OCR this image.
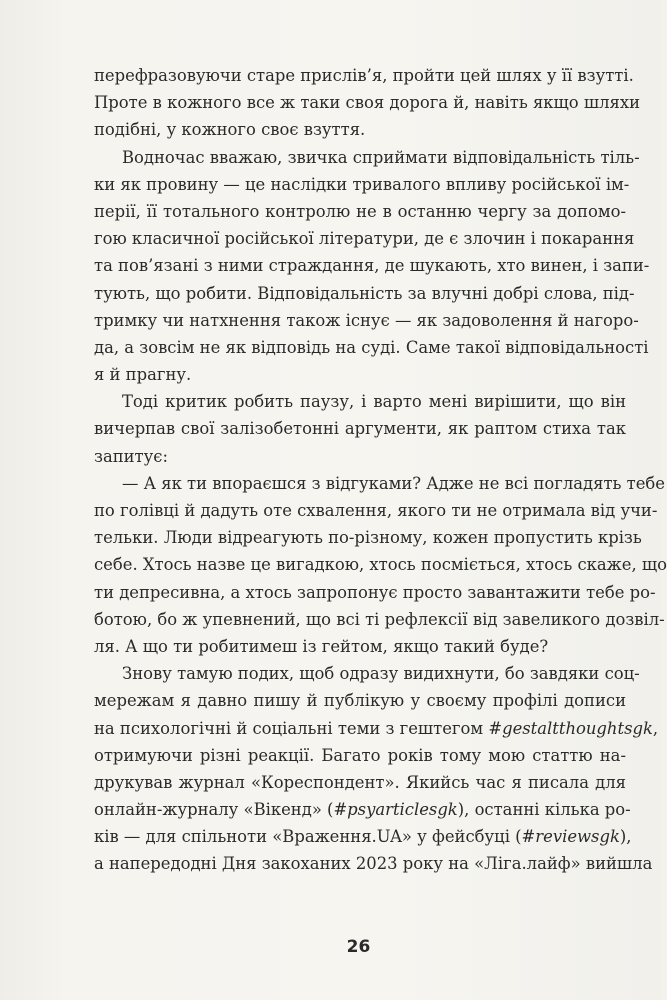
перефразовуючи старе прислів’я, пройти цей шлях у її взутті.
Проте в кожного все ж таки своя дорога й, навіть якщо шляхи
подібні, у кожного своє взуття.
Водночас вважаю, звичка сприймати відповідальність тіль-
ки як провину — це наслідки тривалого впливу російської ім-
перії, її тотального контролю не в останню чергу за допомо-
гою класичної російської літератури, де є злочин і покарання
та пов’язані з ними страждання, де шукають, хто винен, і запи-
тують, що робити. Відповідальність за влучні добрі слова, під-
тримку чи натхнення також існує — як задоволення й нагоро-
да, а зовсім не як відповідь на суді. Саме такої відповідальності
я й прагну.
Тоді критик робить паузу, і варто мені вирішити, що він
вичерпав свої залізобетонні аргументи, як раптом стиха так
запитує:
— А як ти впораєшся з відгуками? Адже не всі погладять тебе
по голівці й дадуть оте схвалення, якого ти не отримала від учи-
тельки. Люди відреагують по-різному, кожен пропустить крізь
себе. Хтось назве це вигадкою, хтось посміється, хтось скаже, що
ти депресивна, а хтось запропонує просто завантажити тебе ро-
ботою, бо ж упевнений, що всі ті рефлексії від завеликого дозвіл-
ля. А що ти робитимеш із гейтом, якщо такий буде?
Знову тамую подих, щоб одразу видихнути, бо завдяки соц-
мережам я давно пишу й публікую у своєму профілі дописи
на психологічні й соціальні теми з гештегом #gestaltthoughtsgk,
отримуючи різні реакції. Багато років тому мою статтю на-
друкував журнал «Кореспондент». Якийсь час я писала для
онлайн-журналу «Вікенд» (#psyarticlesgk), останні кілька ро-
ків — для спільноти «Враження.UA» у фейсбуці (#reviewsgk),
а напередодні Дня закоханих 2023 року на «Ліга.лайф» вийшла
26
